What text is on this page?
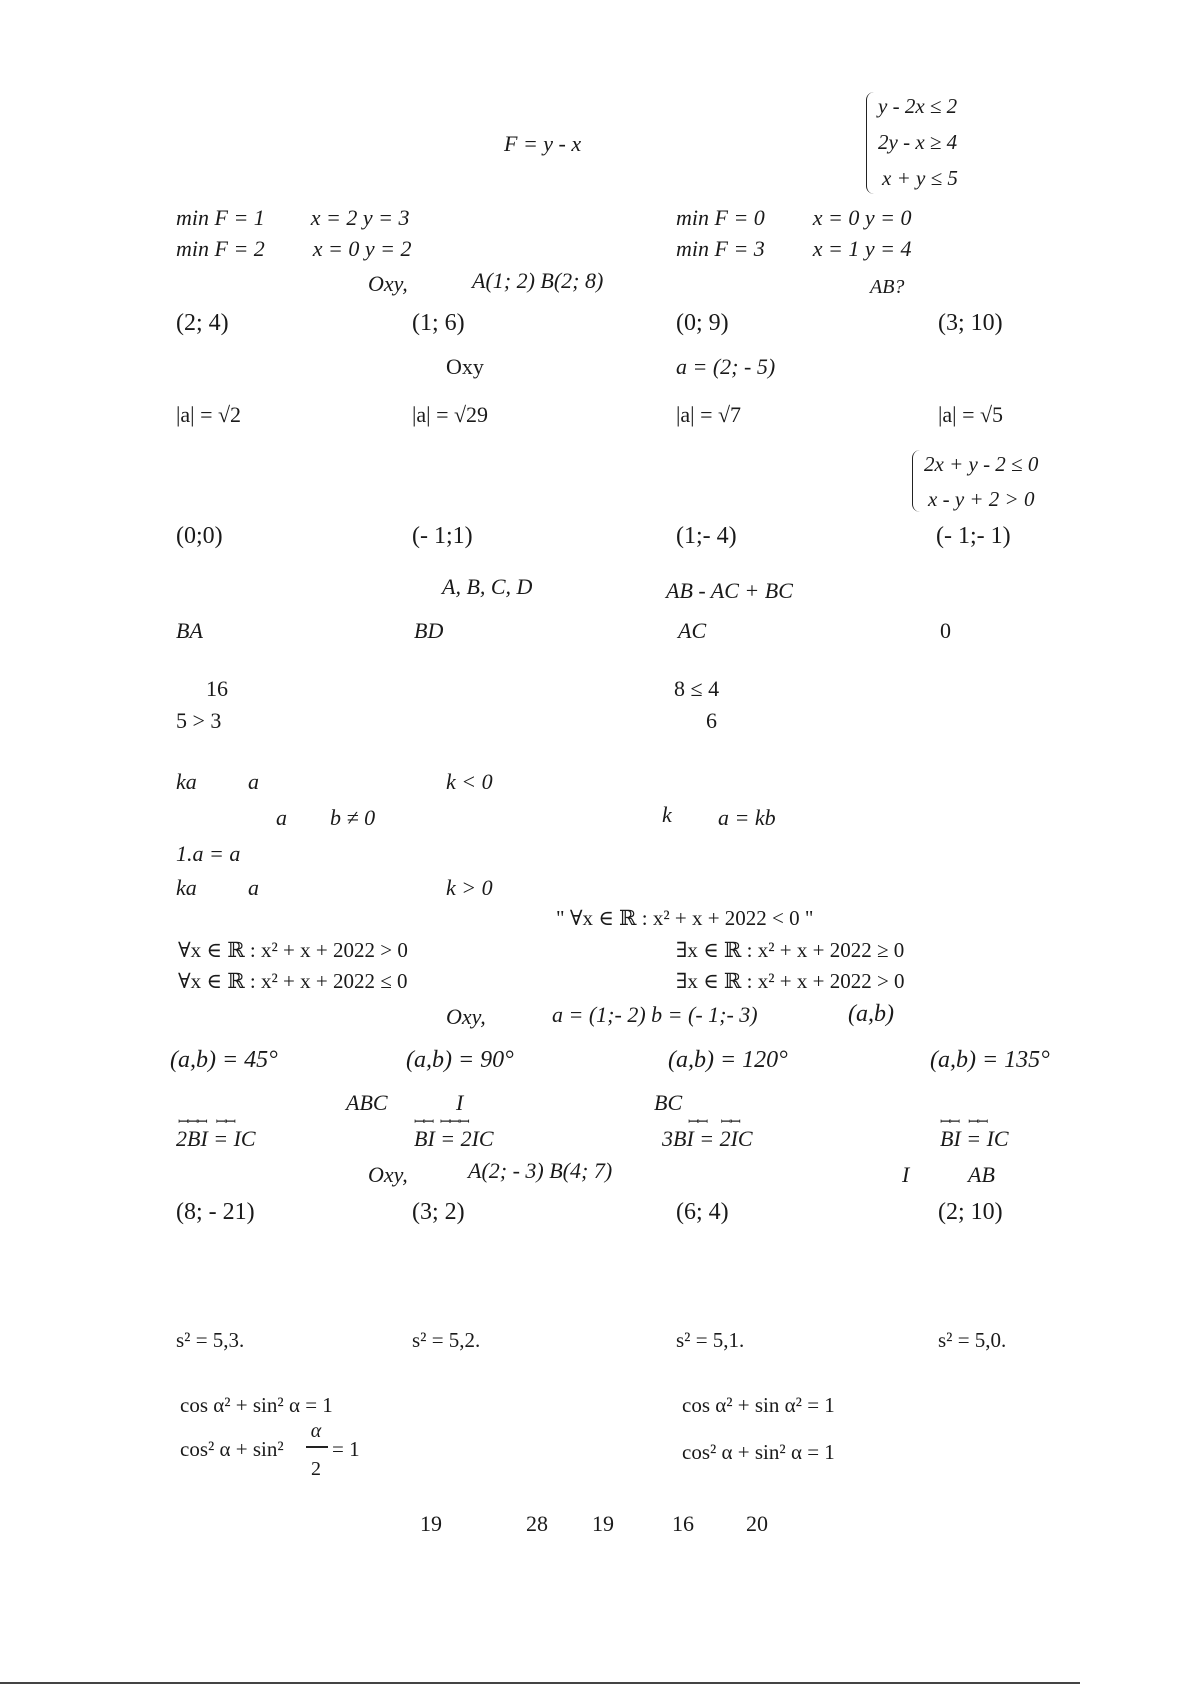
F = y - x
y - 2x ≤ 2
2y - x ≥ 4
x + y ≤ 5
min F = 1 x = 2 y = 3	min F = 0 x = 0 y = 0
min F = 2 x = 0 y = 2	min F = 3 x = 1 y = 4
Oxy,	A(1; 2) B(2; 8)	AB?
(2; 4)	(1; 6)	(0; 9)	(3; 10)
Oxy	a = (2; - 5)
|a| = √2	|a| = √29	|a| = √7	|a| = √5
2x + y - 2 ≤ 0
x - y + 2 > 0
(0;0)	(- 1;1)	(1;- 4)	(- 1;- 1)
A, B, C, D	AB - AC + BC
BA	BD	AC	0
16	8 ≤ 4
5 > 3	6
ka a	k < 0
a b ≠ 0	k a = kb
1.a = a
ka a	k > 0
" ∀x ∈ ℝ : x² + x + 2022 < 0 "
∀x ∈ ℝ : x² + x + 2022 > 0	∃x ∈ ℝ : x² + x + 2022 ≥ 0
∀x ∈ ℝ : x² + x + 2022 ≤ 0	∃x ∈ ℝ : x² + x + 2022 > 0
Oxy,	a = (1;- 2) b = (- 1;- 3)	(a,b)
(a,b) = 45°	(a,b) = 90°	(a,b) = 120°	(a,b) = 135°
ABC	I	BC
ꟷꟷꟷ    ꟷꟷ	ꟷꟷ   ꟷꟷꟷ	ꟷꟷ      ꟷꟷ	ꟷꟷ    ꟷꟷ
2BI = IC	BI = 2IC	3BI = 2IC	BI = IC
Oxy,	A(2; - 3) B(4; 7)	I	AB
(8; - 21)	(3; 2)	(6; 4)	(2; 10)
s² = 5,3.	s² = 5,2.	s² = 5,1.	s² = 5,0.
cos α² + sin² α = 1	cos α² + sin α² = 1
cos² α + sin²
α
2
= 1	cos² α + sin² α = 1
19	28 19	16 20
